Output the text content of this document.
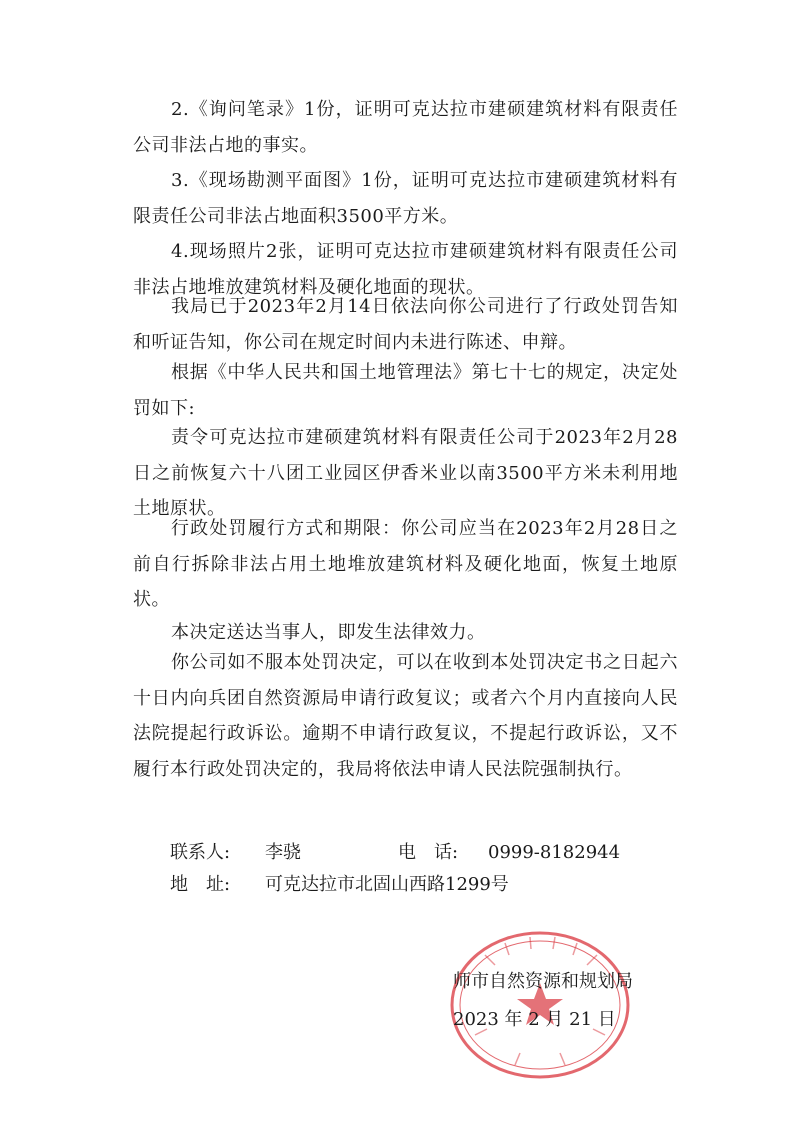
2.《询问笔录》1份，证明可克达拉市建硕建筑材料有限责任公司非法占地的事实。

3.《现场勘测平面图》1份，证明可克达拉市建硕建筑材料有限责任公司非法占地面积3500平方米。

4.现场照片2张，证明可克达拉市建硕建筑材料有限责任公司非法占地堆放建筑材料及硬化地面的现状。

我局已于2023年2月14日依法向你公司进行了行政处罚告知和听证告知，你公司在规定时间内未进行陈述、申辩。

根据《中华人民共和国土地管理法》第七十七的规定，决定处罚如下:

责令可克达拉市建硕建筑材料有限责任公司于2023年2月28日之前恢复六十八团工业园区伊香米业以南3500平方米未利用地土地原状。

行政处罚履行方式和期限：你公司应当在2023年2月28日之前自行拆除非法占用土地堆放建筑材料及硬化地面，恢复土地原状。

本决定送达当事人，即发生法律效力。

你公司如不服本处罚决定，可以在收到本处罚决定书之日起六十日内向兵团自然资源局申请行政复议；或者六个月内直接向人民法院提起行政诉讼。逾期不申请行政复议，不提起行政诉讼，又不履行本行政处罚决定的，我局将依法申请人民法院强制执行。

联系人: 李骁	电　话: 0999-8182944
地　址: 可克达拉市北固山西路1299号
师市自然资源和规划局
2023 年 2 月 21 日
